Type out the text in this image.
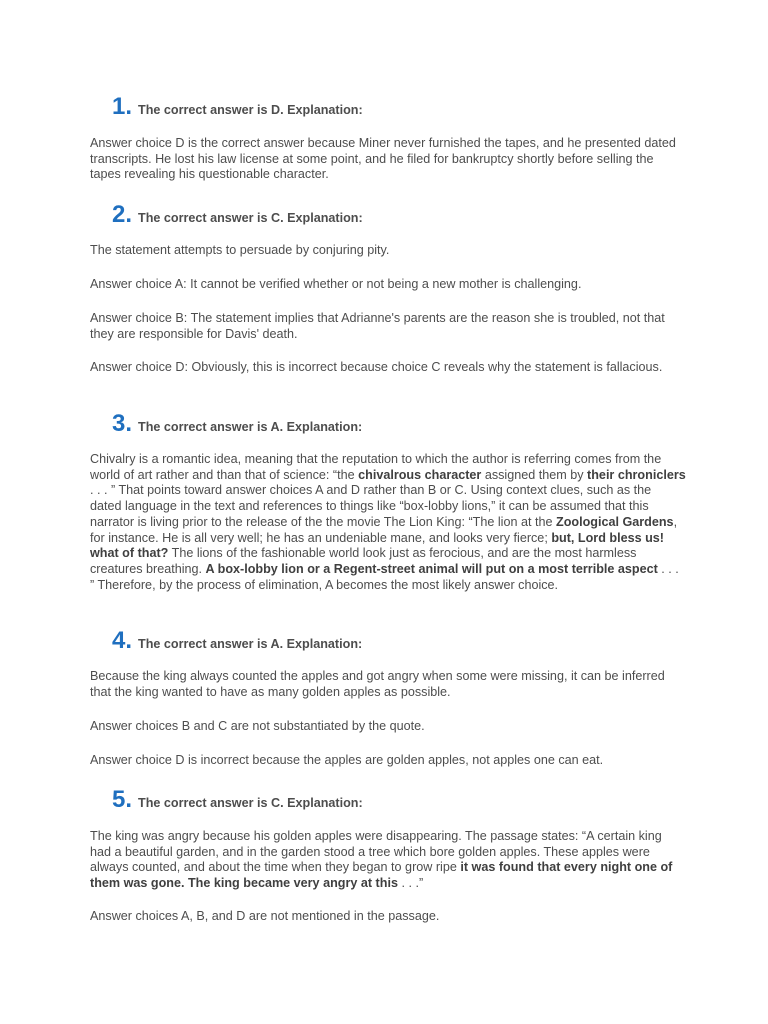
1. The correct answer is D. Explanation:

Answer choice D is the correct answer because Miner never furnished the tapes, and he presented dated transcripts. He lost his law license at some point, and he filed for bankruptcy shortly before selling the tapes revealing his questionable character.

2. The correct answer is C. Explanation:

The statement attempts to persuade by conjuring pity.

Answer choice A: It cannot be verified whether or not being a new mother is challenging.

Answer choice B: The statement implies that Adrianne's parents are the reason she is troubled, not that they are responsible for Davis' death.

Answer choice D: Obviously, this is incorrect because choice C reveals why the statement is fallacious.

3. The correct answer is A. Explanation:

Chivalry is a romantic idea, meaning that the reputation to which the author is referring comes from the world of art rather and than that of science: “the chivalrous character assigned them by their chroniclers . . . ” That points toward answer choices A and D rather than B or C. Using context clues, such as the dated language in the text and references to things like “box-lobby lions,” it can be assumed that this narrator is living prior to the release of the the movie The Lion King: “The lion at the Zoological Gardens, for instance. He is all very well; he has an undeniable mane, and looks very fierce; but, Lord bless us! what of that? The lions of the fashionable world look just as ferocious, and are the most harmless creatures breathing. A box-lobby lion or a Regent-street animal will put on a most terrible aspect . . . ” Therefore, by the process of elimination, A becomes the most likely answer choice.

4. The correct answer is A. Explanation:

Because the king always counted the apples and got angry when some were missing, it can be inferred that the king wanted to have as many golden apples as possible.

Answer choices B and C are not substantiated by the quote.

Answer choice D is incorrect because the apples are golden apples, not apples one can eat.

5. The correct answer is C. Explanation:

The king was angry because his golden apples were disappearing. The passage states: “A certain king had a beautiful garden, and in the garden stood a tree which bore golden apples. These apples were always counted, and about the time when they began to grow ripe it was found that every night one of them was gone. The king became very angry at this . . .”

Answer choices A, B, and D are not mentioned in the passage.
